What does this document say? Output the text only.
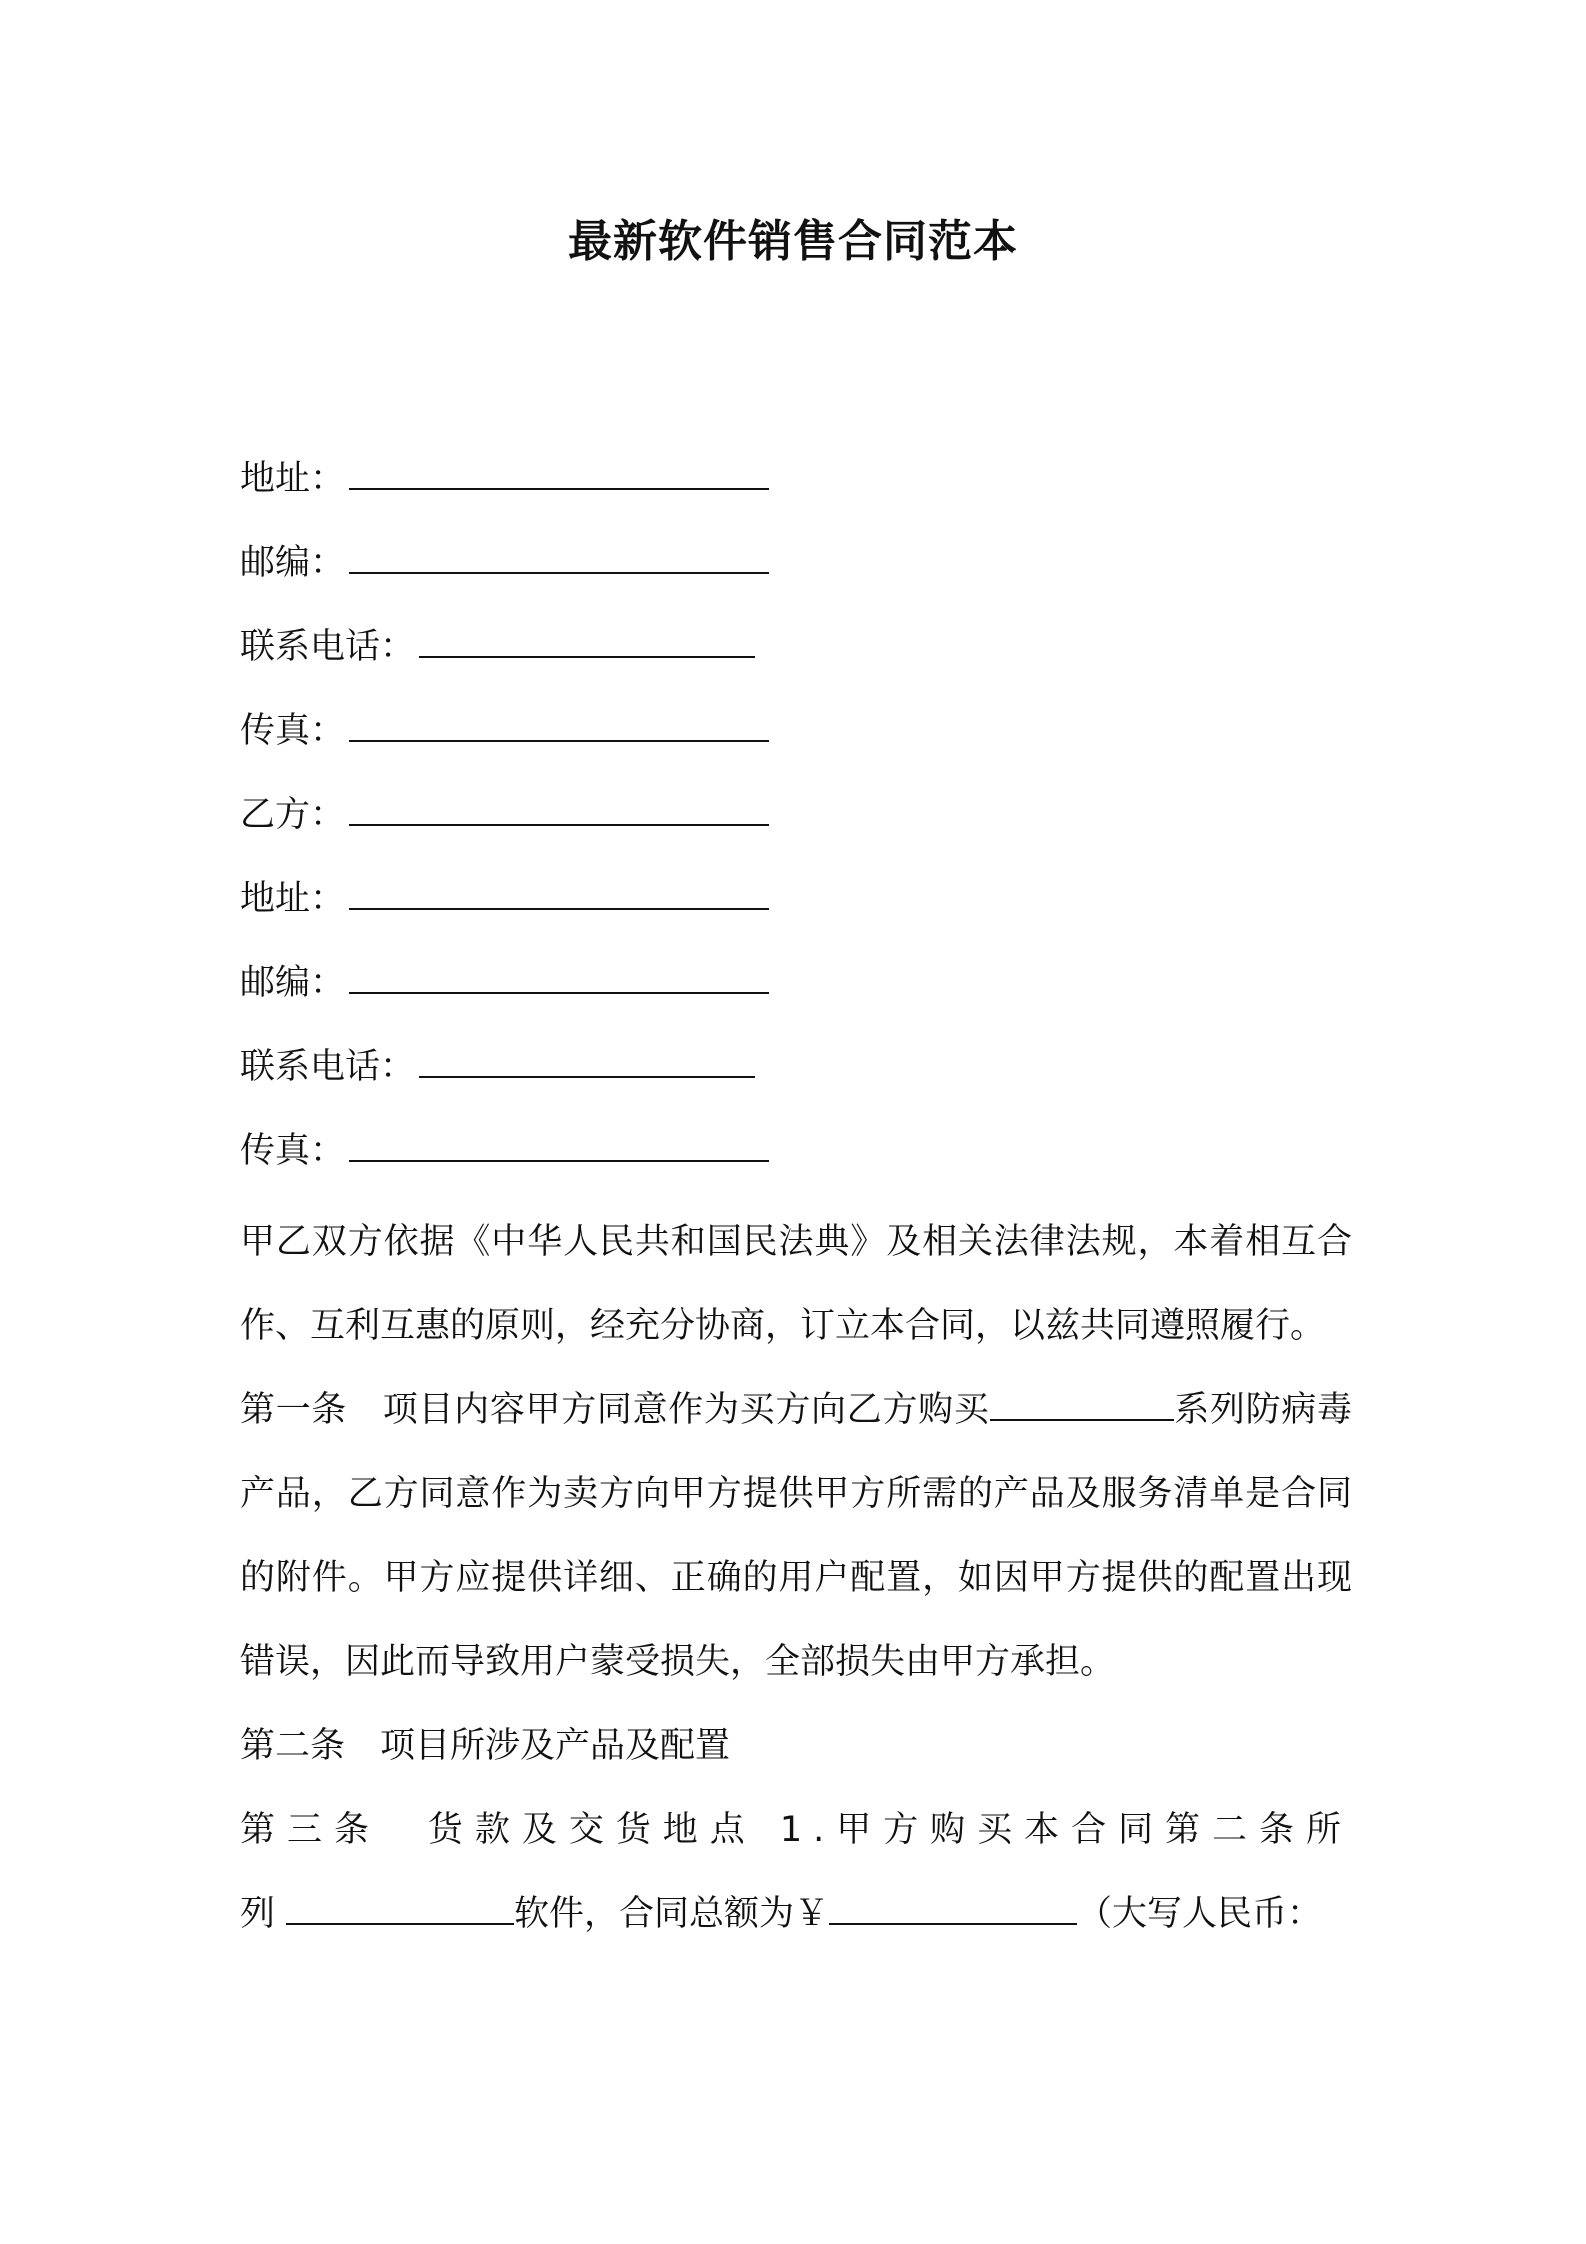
最新软件销售合同范本
地址：
邮编：
联系电话：
传真：
乙方：
地址：
邮编：
联系电话：
传真：

甲乙双方依据《中华人民共和国民法典》及相关法律法规，本着相互合作、互利互惠的原则，经充分协商，订立本合同，以兹共同遵照履行。

第一条　项目内容甲方同意作为买方向乙方购买	系列防病毒产品，乙方同意作为卖方向甲方提供甲方所需的产品及服务清单是合同的附件。甲方应提供详细、正确的用户配置，如因甲方提供的配置出现错误，因此而导致用户蒙受损失，全部损失由甲方承担。

第二条　项目所涉及产品及配置

第三条　货款及交货地点 1.甲方购买本合同第二条所列	软件，合同总额为￥	（大写人民币：
